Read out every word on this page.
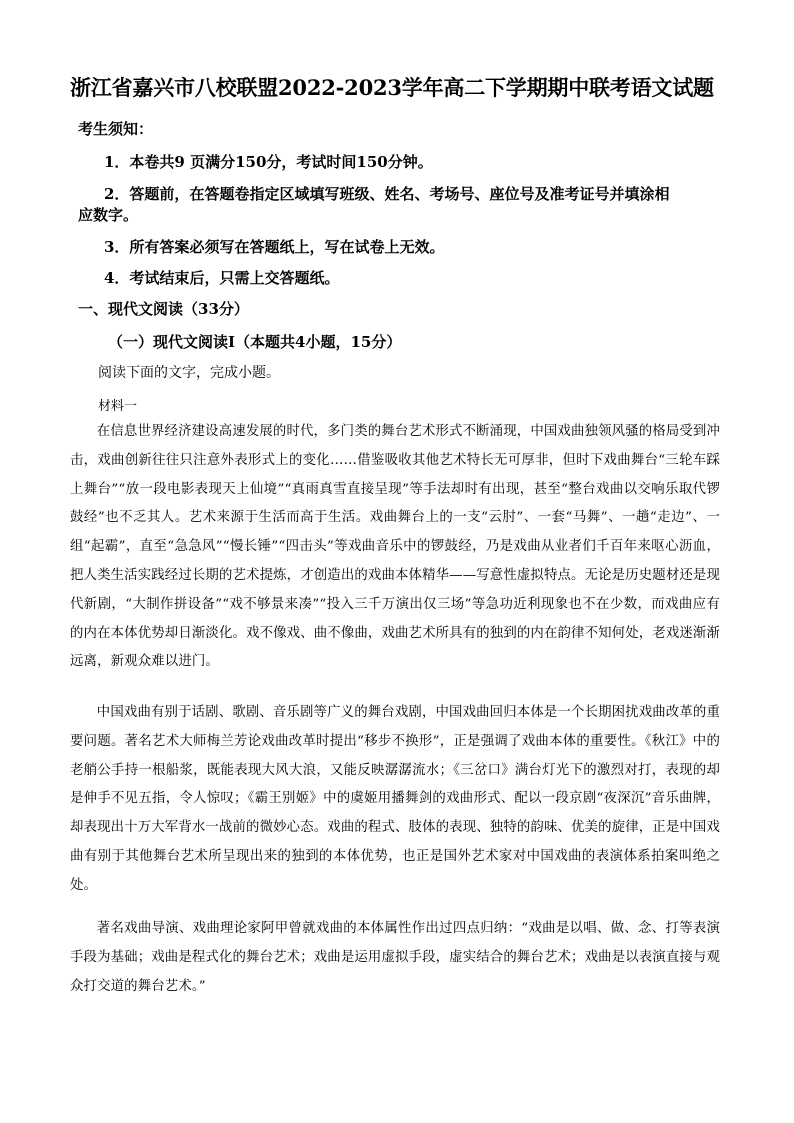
浙江省嘉兴市八校联盟2022-2023学年高二下学期期中联考语文试题
考生须知：
1．本卷共9 页满分150分，考试时间150分钟。
2．答题前，在答题卷指定区域填写班级、姓名、考场号、座位号及准考证号并填涂相
应数字。
3．所有答案必须写在答题纸上，写在试卷上无效。
4．考试结束后，只需上交答题纸。
一、现代文阅读（33分）
（一）现代文阅读Ⅰ（本题共4小题，15分）
阅读下面的文字，完成小题。
材料一
在信息世界经济建设高速发展的时代，多门类的舞台艺术形式不断涌现，中国戏曲独领风骚的格局受到冲击，戏曲创新往往只注意外表形式上的变化……借鉴吸收其他艺术特长无可厚非，但时下戏曲舞台“三轮车踩上舞台”“放一段电影表现天上仙境”“真雨真雪直接呈现”等手法却时有出现，甚至“整台戏曲以交响乐取代锣鼓经”也不乏其人。艺术来源于生活而高于生活。戏曲舞台上的一支“云肘”、一套“马舞”、一趟“走边”、一组“起霸”，直至“急急风”“慢长锤”“四击头”等戏曲音乐中的锣鼓经，乃是戏曲从业者们千百年来呕心沥血，把人类生活实践经过长期的艺术提炼，才创造出的戏曲本体精华——写意性虚拟特点。无论是历史题材还是现代新剧，“大制作拼设备”“戏不够景来凑”“投入三千万演出仅三场”等急功近利现象也不在少数，而戏曲应有的内在本体优势却日渐淡化。戏不像戏、曲不像曲，戏曲艺术所具有的独到的内在韵律不知何处，老戏迷渐渐远离，新观众难以进门。
中国戏曲有别于话剧、歌剧、音乐剧等广义的舞台戏剧，中国戏曲回归本体是一个长期困扰戏曲改革的重要问题。著名艺术大师梅兰芳论戏曲改革时提出“移步不换形”，正是强调了戏曲本体的重要性。《秋江》中的老艄公手持一根船浆，既能表现大风大浪，又能反映潺潺流水；《三岔口》满台灯光下的激烈对打，表现的却是伸手不见五指，令人惊叹；《霸王别姬》中的虞姬用播舞剑的戏曲形式、配以一段京剧“夜深沉”音乐曲牌，却表现出十万大军背水一战前的微妙心态。戏曲的程式、肢体的表现、独特的韵味、优美的旋律，正是中国戏曲有别于其他舞台艺术所呈现出来的独到的本体优势，也正是国外艺术家对中国戏曲的表演体系拍案叫绝之处。
著名戏曲导演、戏曲理论家阿甲曾就戏曲的本体属性作出过四点归纳：“戏曲是以唱、做、念、打等表演手段为基础；戏曲是程式化的舞台艺术；戏曲是运用虚拟手段，虚实结合的舞台艺术；戏曲是以表演直接与观众打交道的舞台艺术。”
